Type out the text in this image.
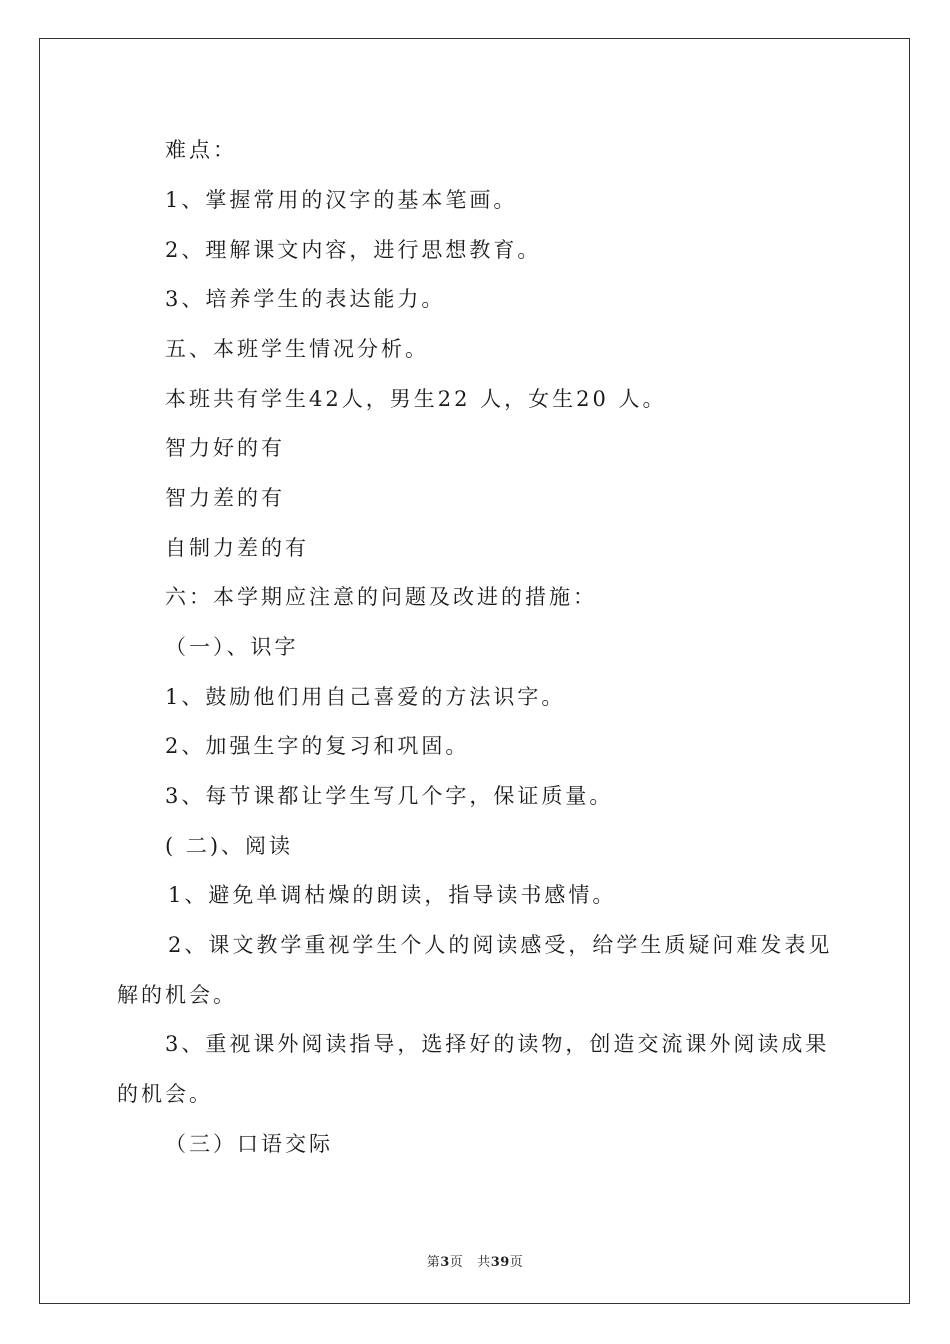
难点：
1、掌握常用的汉字的基本笔画。
2、理解课文内容，进行思想教育。
3、培养学生的表达能力。
五、本班学生情况分析。
本班共有学生42人，男生22 人，女生20 人。
智力好的有
智力差的有
自制力差的有
六：本学期应注意的问题及改进的措施：
（一）、识字
1、鼓励他们用自己喜爱的方法识字。
2、加强生字的复习和巩固。
3、每节课都让学生写几个字，保证质量。
( 二)、阅读
1、避免单调枯燥的朗读，指导读书感情。
2、课文教学重视学生个人的阅读感受，给学生质疑问难发表见
解的机会。
3、重视课外阅读指导，选择好的读物，创造交流课外阅读成果
的机会。
（三）口语交际
第3页 共39页
